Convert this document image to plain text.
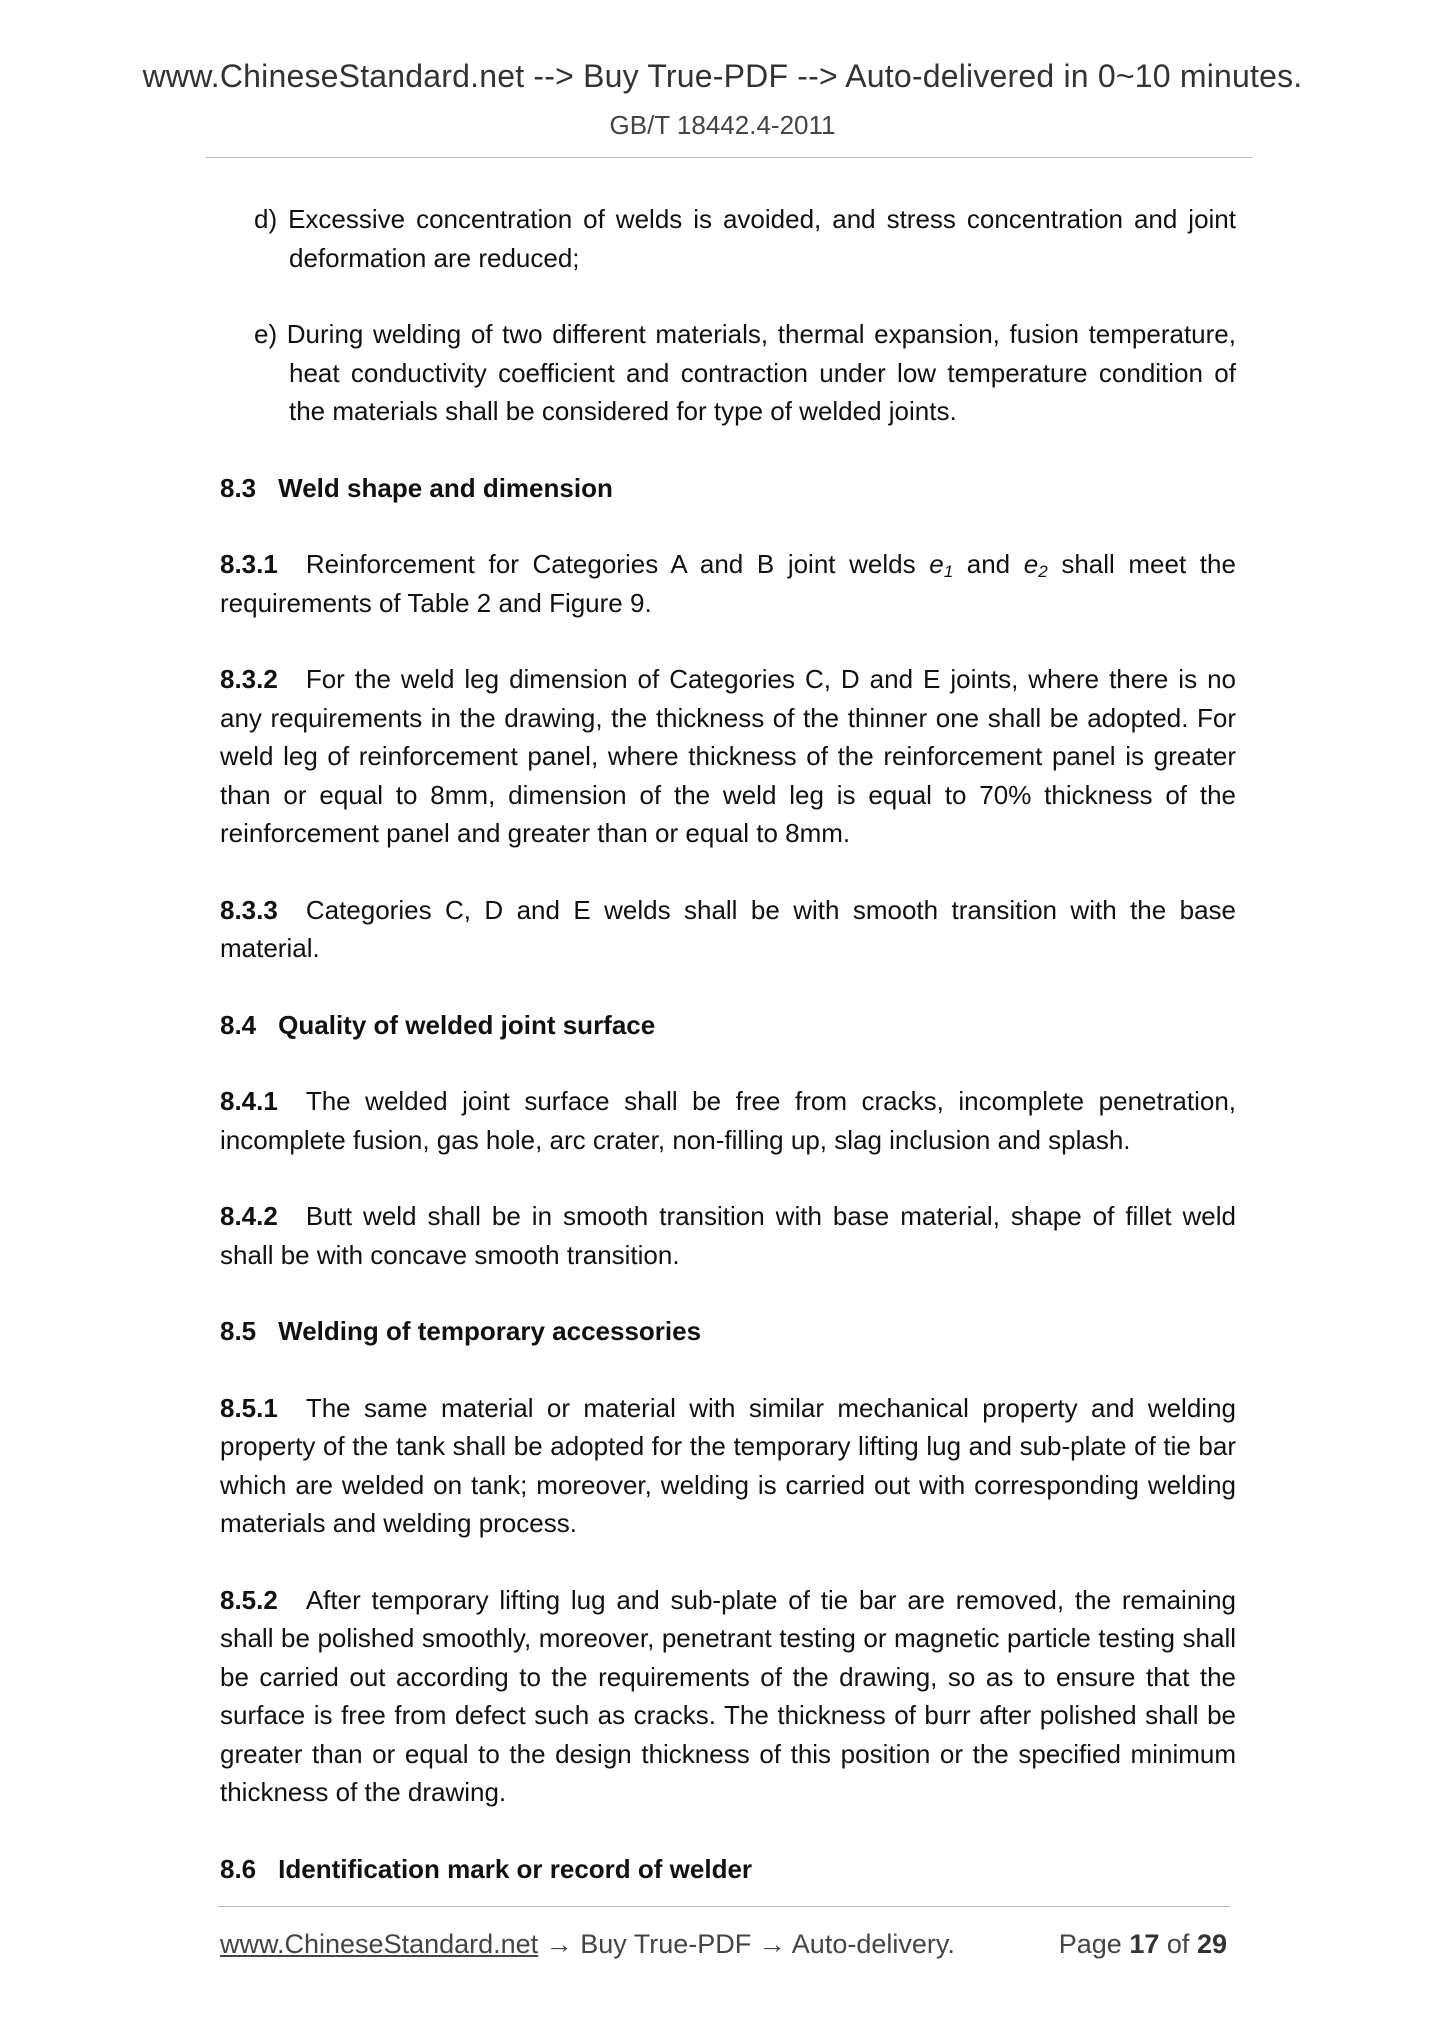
www.ChineseStandard.net --> Buy True-PDF --> Auto-delivered in 0~10 minutes.
GB/T 18442.4-2011

d) Excessive concentration of welds is avoided, and stress concentration and joint deformation are reduced;

e) During welding of two different materials, thermal expansion, fusion temperature, heat conductivity coefficient and contraction under low temperature condition of the materials shall be considered for type of welded joints.

8.3 Weld shape and dimension

8.3.1 Reinforcement for Categories A and B joint welds $e_1$ and $e_2$ shall meet the requirements of Table 2 and Figure 9.

8.3.2 For the weld leg dimension of Categories C, D and E joints, where there is no any requirements in the drawing, the thickness of the thinner one shall be adopted. For weld leg of reinforcement panel, where thickness of the reinforcement panel is greater than or equal to 8mm, dimension of the weld leg is equal to 70% thickness of the reinforcement panel and greater than or equal to 8mm.

8.3.3 Categories C, D and E welds shall be with smooth transition with the base material.

8.4 Quality of welded joint surface

8.4.1 The welded joint surface shall be free from cracks, incomplete penetration, incomplete fusion, gas hole, arc crater, non-filling up, slag inclusion and splash.

8.4.2 Butt weld shall be in smooth transition with base material, shape of fillet weld shall be with concave smooth transition.

8.5 Welding of temporary accessories

8.5.1 The same material or material with similar mechanical property and welding property of the tank shall be adopted for the temporary lifting lug and sub-plate of tie bar which are welded on tank; moreover, welding is carried out with corresponding welding materials and welding process.

8.5.2 After temporary lifting lug and sub-plate of tie bar are removed, the remaining shall be polished smoothly, moreover, penetrant testing or magnetic particle testing shall be carried out according to the requirements of the drawing, so as to ensure that the surface is free from defect such as cracks. The thickness of burr after polished shall be greater than or equal to the design thickness of this position or the specified minimum thickness of the drawing.

8.6 Identification mark or record of welder

www.ChineseStandard.net → Buy True-PDF → Auto-delivery.	Page 17 of 29
